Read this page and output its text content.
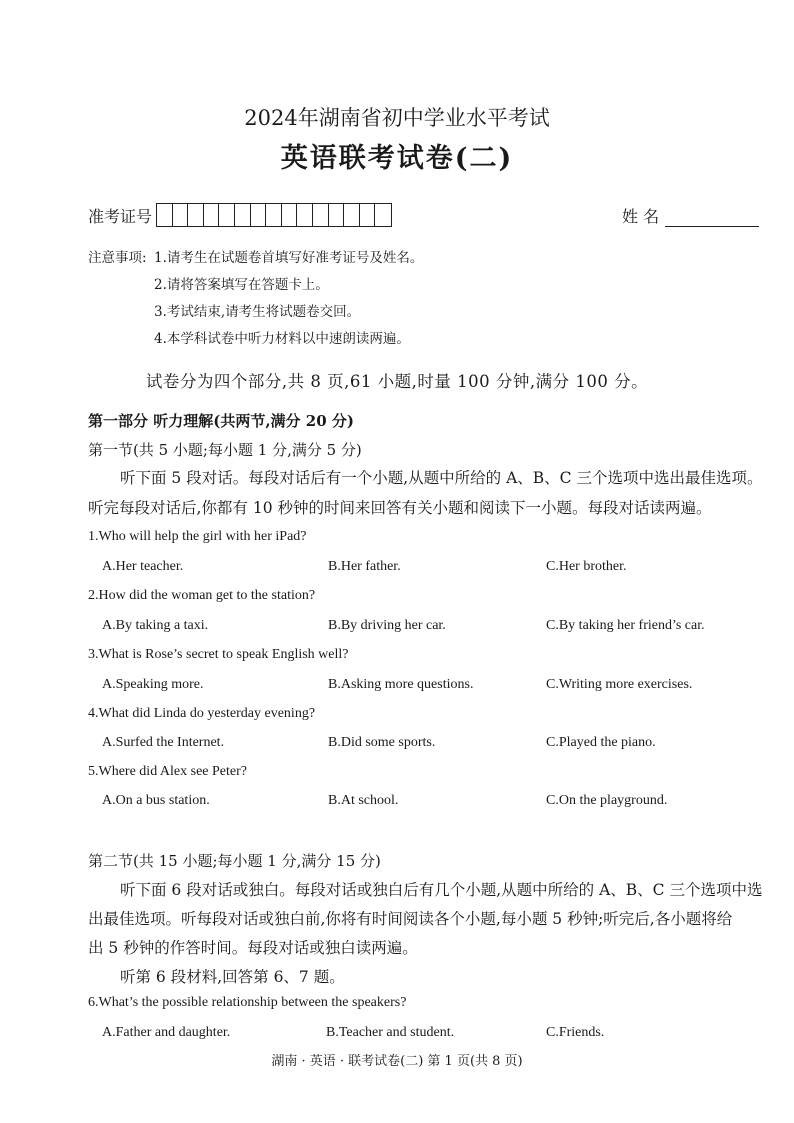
2024年湖南省初中学业水平考试
英语联考试卷(二)
准考证号	姓 名
注意事项: 1.请考生在试题卷首填写好准考证号及姓名。
2.请将答案填写在答题卡上。
3.考试结束,请考生将试题卷交回。
4.本学科试卷中听力材料以中速朗读两遍。
试卷分为四个部分,共 8 页,61 小题,时量 100 分钟,满分 100 分。
第一部分 听力理解(共两节,满分 20 分)
第一节(共 5 小题;每小题 1 分,满分 5 分)
听下面 5 段对话。每段对话后有一个小题,从题中所给的 A、B、C 三个选项中选出最佳选项。
听完每段对话后,你都有 10 秒钟的时间来回答有关小题和阅读下一小题。每段对话读两遍。
1.Who will help the girl with her iPad?
A.Her teacher.	B.Her father.	C.Her brother.
2.How did the woman get to the station?
A.By taking a taxi.	B.By driving her car.	C.By taking her friend’s car.
3.What is Rose’s secret to speak English well?
A.Speaking more.	B.Asking more questions.	C.Writing more exercises.
4.What did Linda do yesterday evening?
A.Surfed the Internet.	B.Did some sports.	C.Played the piano.
5.Where did Alex see Peter?
A.On a bus station.	B.At school.	C.On the playground.
第二节(共 15 小题;每小题 1 分,满分 15 分)
听下面 6 段对话或独白。每段对话或独白后有几个小题,从题中所给的 A、B、C 三个选项中选
出最佳选项。听每段对话或独白前,你将有时间阅读各个小题,每小题 5 秒钟;听完后,各小题将给
出 5 秒钟的作答时间。每段对话或独白读两遍。
听第 6 段材料,回答第 6、7 题。
6.What’s the possible relationship between the speakers?
A.Father and daughter.	B.Teacher and student.	C.Friends.
湖南 · 英语 · 联考试卷(二) 第 1 页(共 8 页)
